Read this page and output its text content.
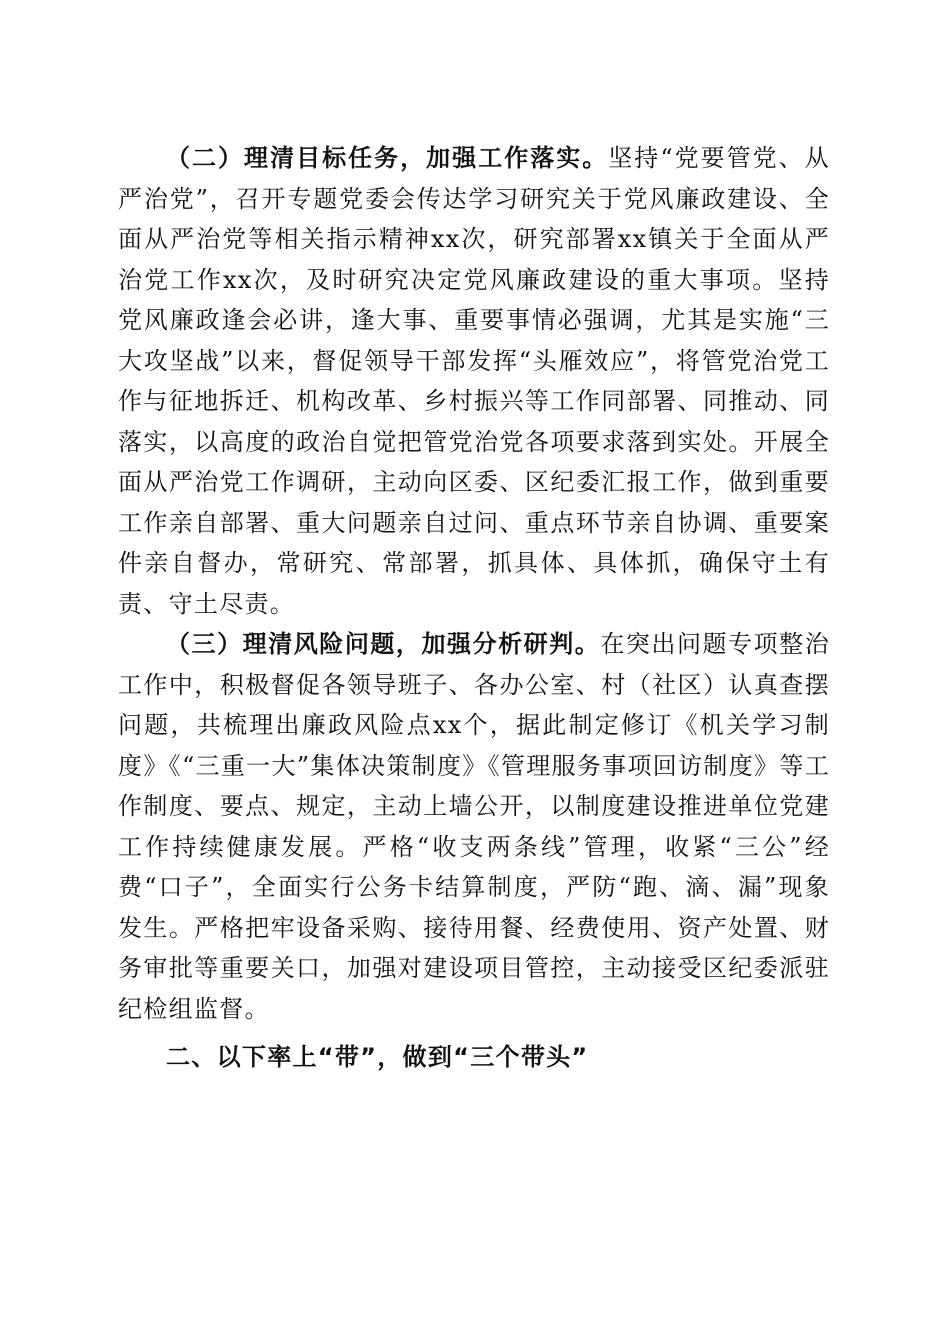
（二）理清目标任务，加强工作落实。坚持“党要管党、从严治党”，召开专题党委会传达学习研究关于党风廉政建设、全面从严治党等相关指示精神xx次，研究部署xx镇关于全面从严治党工作xx次，及时研究决定党风廉政建设的重大事项。坚持党风廉政逢会必讲，逢大事、重要事情必强调，尤其是实施“三大攻坚战”以来，督促领导干部发挥“头雁效应”，将管党治党工作与征地拆迁、机构改革、乡村振兴等工作同部署、同推动、同落实，以高度的政治自觉把管党治党各项要求落到实处。开展全面从严治党工作调研，主动向区委、区纪委汇报工作，做到重要工作亲自部署、重大问题亲自过问、重点环节亲自协调、重要案件亲自督办，常研究、常部署，抓具体、具体抓，确保守土有责、守土尽责。

（三）理清风险问题，加强分析研判。在突出问题专项整治工作中，积极督促各领导班子、各办公室、村（社区）认真查摆问题，共梳理出廉政风险点xx个，据此制定修订《机关学习制度》《“三重一大”集体决策制度》《管理服务事项回访制度》等工作制度、要点、规定，主动上墙公开，以制度建设推进单位党建工作持续健康发展。严格“收支两条线”管理，收紧“三公”经费“口子”，全面实行公务卡结算制度，严防“跑、滴、漏”现象发生。严格把牢设备采购、接待用餐、经费使用、资产处置、财务审批等重要关口，加强对建设项目管控，主动接受区纪委派驻纪检组监督。

二、以下率上“带”，做到“三个带头”
